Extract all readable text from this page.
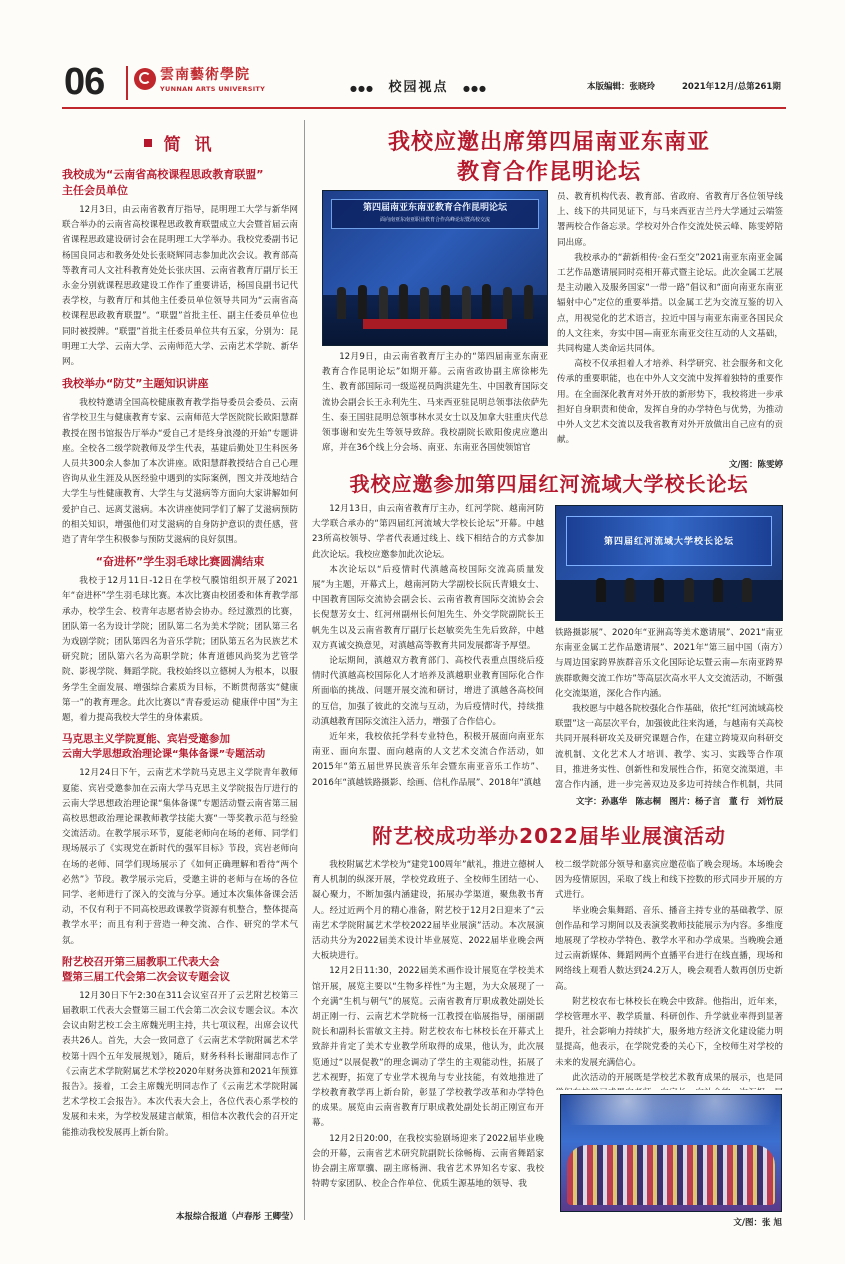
06	雲南藝術學院
YUNNAN ARTS UNIVERSITY	●●● 校园视点 ●●●	本版编辑：张晓玲	2021年12月/总第261期
简 讯
我校成为“云南省高校课程思政教育联盟”
主任会员单位

12月3日，由云南省教育厅指导，昆明理工大学与新华网联合举办的云南省高校课程思政教育联盟成立大会暨首届云南省课程思政建设研讨会在昆明理工大学举办。我校党委副书记杨国良同志和教务处处长张晓辉同志参加此次会议。教育部高等教育司人文社科教育处处长张庆国、云南省教育厅副厅长王永金分别就课程思政建设工作作了重要讲话，杨国良副书记代表学校，与教育厅和其他主任委员单位领导共同为“云南省高校课程思政教育联盟”。“联盟”首批主任、副主任委员单位也同时被授牌。“联盟”首批主任委员单位共有五家，分别为：昆明理工大学、云南大学、云南师范大学、云南艺术学院、新华网。

我校举办“防艾”主题知识讲座

我校特邀请全国高校健康教育教学指导委员会委员、云南省学校卫生与健康教育专家、云南师范大学医院院长欧阳慧群教授在图书馆报告厅举办“爱自己才是终身浪漫的开始”专题讲座。全校各二级学院教师及学生代表，基建后勤处卫生科医务人员共300余人参加了本次讲座。欧阳慧群教授结合自己心理咨询从业生涯及从医经验中遇到的实际案例，图文并茂地结合大学生与性健康教育、大学生与艾滋病等方面向大家讲解如何爱护自己、远离艾滋病。本次讲座使同学们了解了艾滋病预防的相关知识，增强他们对艾滋病的自身防护意识的责任感，营造了青年学生积极参与预防艾滋病的良好氛围。

“奋进杯”学生羽毛球比赛圆满结束

我校于12月11日-12日在学校气膜馆组织开展了2021年“奋进杯”学生羽毛球比赛。本次比赛由校团委和体育教学部承办，校学生会、校青年志愿者协会协办。经过激烈的比赛，团队第一名为设计学院；团队第二名为美术学院；团队第三名为戏剧学院；团队第四名为音乐学院；团队第五名为民族艺术研究院；团队第六名为高职学院；体育道德风尚奖为艺管学院、影视学院、舞蹈学院。我校始终以立德树人为根本，以服务学生全面发展、增强综合素质为目标，不断贯彻落实“健康第一”的教育理念。此次比赛以“青春爱运动 健康伴中国”为主题，着力提高我校大学生的身体素质。

马克思主义学院夏能、宾岩受邀参加
云南大学思想政治理论课“集体备课”专题活动

12月24日下午，云南艺术学院马克思主义学院青年教师夏能、宾岩受邀参加在云南大学马克思主义学院报告厅进行的云南大学思想政治理论课“集体备课”专题活动暨云南省第三届高校思想政治理论课教师教学技能大赛“一等奖教示范与经验交流活动。在教学展示环节，夏能老师向在场的老师、同学们现场展示了《实现党在新时代的强军目标》节段，宾岩老师向在场的老师、同学们现场展示了《如何正确理解和看待“两个必然”》节段。教学展示完后，受邀主讲的老师与在场的各位同学、老师进行了深入的交流与分享。通过本次集体备课会活动，不仅有利于不同高校思政课教学资源有机整合，整体提高教学水平；而且有利于营造一种交流、合作、研究的学术气氛。

附艺校召开第三届教职工代表大会
暨第三届工代会第二次会议专题会议

12月30日下午2:30在311会议室召开了云艺附艺校第三届教职工代表大会暨第三届工代会第二次会议专题会议。本次会议由附艺校工会主席魏光明主持，共七项议程，出席会议代表共26人。首先，大会一致同意了《云南艺术学院附属艺术学校第十四个五年发展规划》，随后，财务科科长谢甜同志作了《云南艺术学院附属艺术学校2020年财务决算和2021年预算报告》。接着，工会主席魏光明同志作了《云南艺术学院附属艺术学校工会报告》。本次代表大会上，各位代表心系学校的发展和未来，为学校发展建言献策，相信本次教代会的召开定能推动我校发展再上新台阶。

本报综合报道（卢春彤 王卿莹）
我校应邀出席第四届南亚东南亚
教育合作昆明论坛
第四届南亚东南亚教育合作昆明论坛
面向南亚东南亚职业教育合作高峰论坛暨高校交流

12月9日，由云南省教育厅主办的“第四届南亚东南亚教育合作昆明论坛”如期开幕。云南省政协副主席徐彬先生、教育部国际司一级巡视员陶洪建先生、中国教育国际交流协会副会长王永利先生、马来西亚驻昆明总领事法依萨先生、泰王国驻昆明总领事林水灵女士以及加拿大驻重庆代总领事谢和安先生等领导致辞。我校副院长欧阳俊虎应邀出席，并在36个线上分会场、南亚、东南亚各国使领馆官

员、教育机构代表、教育部、省政府、省教育厅各位领导线上、线下的共同见证下，与马来西亚吉兰丹大学通过云端签署两校合作备忘录。学校对外合作交流处侯云峰、陈雯婷陪同出席。

我校承办的“薪新相传·金石至交”2021南亚东南亚金属工艺作品邀请展同时亮相开幕式暨主论坛。此次金属工艺展是主动融入及服务国家“一带一路”倡议和“面向南亚东南亚辐射中心”定位的重要举措。以金属工艺为交流互鉴的切入点，用视觉化的艺术语言，拉近中国与南亚东南亚各国民众的人文往来，夯实中国—南亚东南亚交往互动的人文基础，共同构建人类命运共同体。

高校不仅承担着人才培养、科学研究、社会服务和文化传承的重要职能，也在中外人文交流中发挥着独特的重要作用。在全面深化教育对外开放的新形势下，我校将进一步承担好自身职责和使命，发挥自身的办学特色与优势，为推动中外人文艺术交流以及我省教育对外开放做出自己应有的贡献。

文/图：陈雯婷
我校应邀参加第四届红河流域大学校长论坛

12月13日，由云南省教育厅主办，红河学院、越南河防大学联合承办的“第四届红河流域大学校长论坛”开幕。中越23所高校领导、学者代表通过线上、线下相结合的方式参加此次论坛。我校应邀参加此次论坛。

本次论坛以“后疫情时代滇越高校国际交流高质量发展”为主题，开幕式上，越南河防大学副校长阮氏青娥女士、中国教育国际交流协会副会长、云南省教育国际交流协会会长倪慧芳女士、红河州副州长何旭先生、外交学院副院长王帆先生以及云南省教育厅副厅长赵敏奕先生先后致辞，中越双方真诚交换意见，对滇越高等教育共同发展都寄予厚望。

论坛期间，滇越双方教育部门、高校代表重点围绕后疫情时代滇越高校国际化人才培养及滇越职业教育国际化合作所面临的挑战、问题开展交流和研讨，增进了滇越各高校间的互信，加强了彼此的交流与互动，为后疫情时代，持续推动滇越教育国际交流注入活力，增强了合作信心。

近年来，我校依托学科专业特色，积极开展面向南亚东南亚、面向东盟、面向越南的人文艺术交流合作活动，如2015年“第五届世界民族音乐年会暨东南亚音乐工作坊”、2016年“滇越铁路摄影、绘画、信札作品展”、2018年“滇越

第四届红河流域大学校长论坛

铁路摄影展”、2020年“亚洲高等美术邀请展”、2021“南亚东南亚金属工艺作品邀请展”、2021年“第三届中国（南方）与周边国家跨界族群音乐文化国际论坛暨云南—东南亚跨界族群歌舞交流工作坊”等高层次高水平人文交流活动，不断强化交流渠道，深化合作内涵。

我校愿与中越各院校强化合作基础，依托“红河流域高校联盟”这一高层次平台，加强彼此往来沟通，与越南有关高校共同开展科研攻关及研究课题合作，在建立跨境双向科研交流机制、文化艺术人才培训、教学、实习、实践等合作项目，推进务实性、创新性和发展性合作，拓宽交流渠道，丰富合作内涵，进一步完善双边及多边可持续合作机制，共同

文字：孙惠华　陈志桐　图片：杨子言　董 行　刘竹辰
附艺校成功举办2022届毕业展演活动

我校附属艺术学校为“建党100周年”献礼，推进立德树人育人机制的纵深开展，学校党政班子、全校师生团结一心、凝心聚力，不断加强内涵建设，拓展办学渠道，聚焦教书育人。经过近两个月的精心准备，附艺校于12月2日迎来了“云南艺术学院附属艺术学校2022届毕业展演”活动。本次展演活动共分为2022届美术设计毕业展览、2022届毕业晚会两大板块进行。

12月2日11:30，2022届美术画作设计展览在学校美术馆开展，展览主要以“生物多样性”为主题，为大众展现了一个充满“生机与朝气”的展览。云南省教育厅职成教处副处长胡正刚一行、云南艺术学院杨一江教授在临展指导，丽丽副院长和副科长雷敏文主持。附艺校农布七林校长在开幕式上致辞并肯定了美术专业教学所取得的成果，他认为，此次展览通过“以展促教”的理念调动了学生的主观能动性，拓展了艺术视野，拓宽了专业学术视角与专业技能，有效地推进了学校教育教学再上新台阶，彰显了学校教学改革和办学特色的成果。展览由云南省教育厅职成教处副处长胡正刚宣布开幕。

12月2日20:00，在我校实验剧场迎来了2022届毕业晚会的开幕，云南省艺术研究院副院长徐畅梅、云南省舞蹈家协会副主席覃骥、副主席杨洲、我省艺术界知名专家、我校特聘专家团队、校企合作单位、优质生源基地的领导、我

校二级学院部分领导和嘉宾应邀莅临了晚会现场。本场晚会因为疫情原因，采取了线上和线下控数的形式同步开展的方式进行。

毕业晚会集舞蹈、音乐、播音主持专业的基础教学、原创作品和学习期间以及表演奖教师技能展示为内容。多维度地展现了学校办学特色、教学水平和办学成果。当晚晚会通过云南新媒体、舞蹈网两个直播平台进行在线直播，现场和网络线上观看人数达到24.2万人，晚会观看人数再创历史新高。

附艺校农布七林校长在晚会中致辞。他指出，近年来，学校管理水平、教学质量、科研创作、升学就业率得到显著提升，社会影响力持续扩大，服务地方经济文化建设能力明显提高，他表示，在学院党委的关心下，全校师生对学校的未来的发展充满信心。

此次活动的开展既是学校艺术教育成果的展示，也是同

文/图：张 旭
